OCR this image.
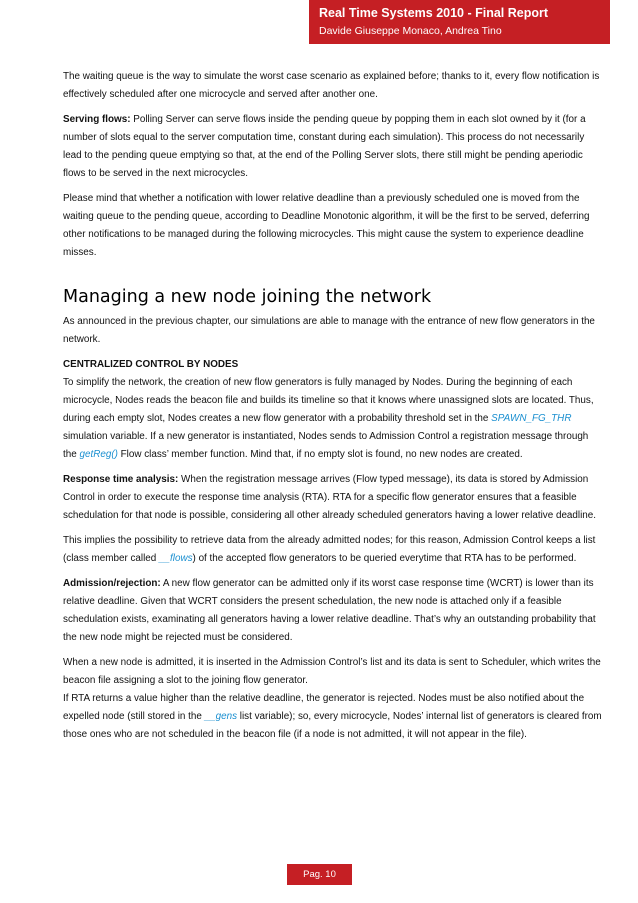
Real Time Systems 2010 - Final Report
Davide Giuseppe Monaco, Andrea Tino

The waiting queue is the way to simulate the worst case scenario as explained before; thanks to it, every flow notification is effectively scheduled after one microcycle and served after another one.

Serving flows: Polling Server can serve flows inside the pending queue by popping them in each slot owned by it (for a number of slots equal to the server computation time, constant during each simulation). This process do not necessarily lead to the pending queue emptying so that, at the end of the Polling Server slots, there still might be pending aperiodic flows to be served in the next microcycles.

Please mind that whether a notification with lower relative deadline than a previously scheduled one is moved from the waiting queue to the pending queue, according to Deadline Monotonic algorithm, it will be the first to be served, deferring other notifications to be managed during the following microcycles. This might cause the system to experience deadline misses.

Managing a new node joining the network

As announced in the previous chapter, our simulations are able to manage with the entrance of new flow generators in the network.

CENTRALIZED CONTROL BY NODES

To simplify the network, the creation of new flow generators is fully managed by Nodes. During the beginning of each microcycle, Nodes reads the beacon file and builds its timeline so that it knows where unassigned slots are located. Thus, during each empty slot, Nodes creates a new flow generator with a probability threshold set in the SPAWN_FG_THR simulation variable. If a new generator is instantiated, Nodes sends to Admission Control a registration message through the getReg() Flow class’ member function. Mind that, if no empty slot is found, no new nodes are created.

Response time analysis: When the registration message arrives (Flow typed message), its data is stored by Admission Control in order to execute the response time analysis (RTA). RTA for a specific flow generator ensures that a feasible schedulation for that node is possible, considering all other already scheduled generators having a lower relative deadline.

This implies the possibility to retrieve data from the already admitted nodes; for this reason, Admission Control keeps a list (class member called __flows) of the accepted flow generators to be queried everytime that RTA has to be performed.

Admission/rejection: A new flow generator can be admitted only if its worst case response time (WCRT) is lower than its relative deadline. Given that WCRT considers the present schedulation, the new node is attached only if a feasible schedulation exists, examinating all generators having a lower relative deadline. That’s why an outstanding probability that the new node might be rejected must be considered.

When a new node is admitted, it is inserted in the Admission Control’s list and its data is sent to Scheduler, which writes the beacon file assigning a slot to the joining flow generator.
If RTA returns a value higher than the relative deadline, the generator is rejected. Nodes must be also notified about the expelled node (still stored in the __gens list variable); so, every microcycle, Nodes’ internal list of generators is cleared from those ones who are not scheduled in the beacon file (if a node is not admitted, it will not appear in the file).

Pag. 10
